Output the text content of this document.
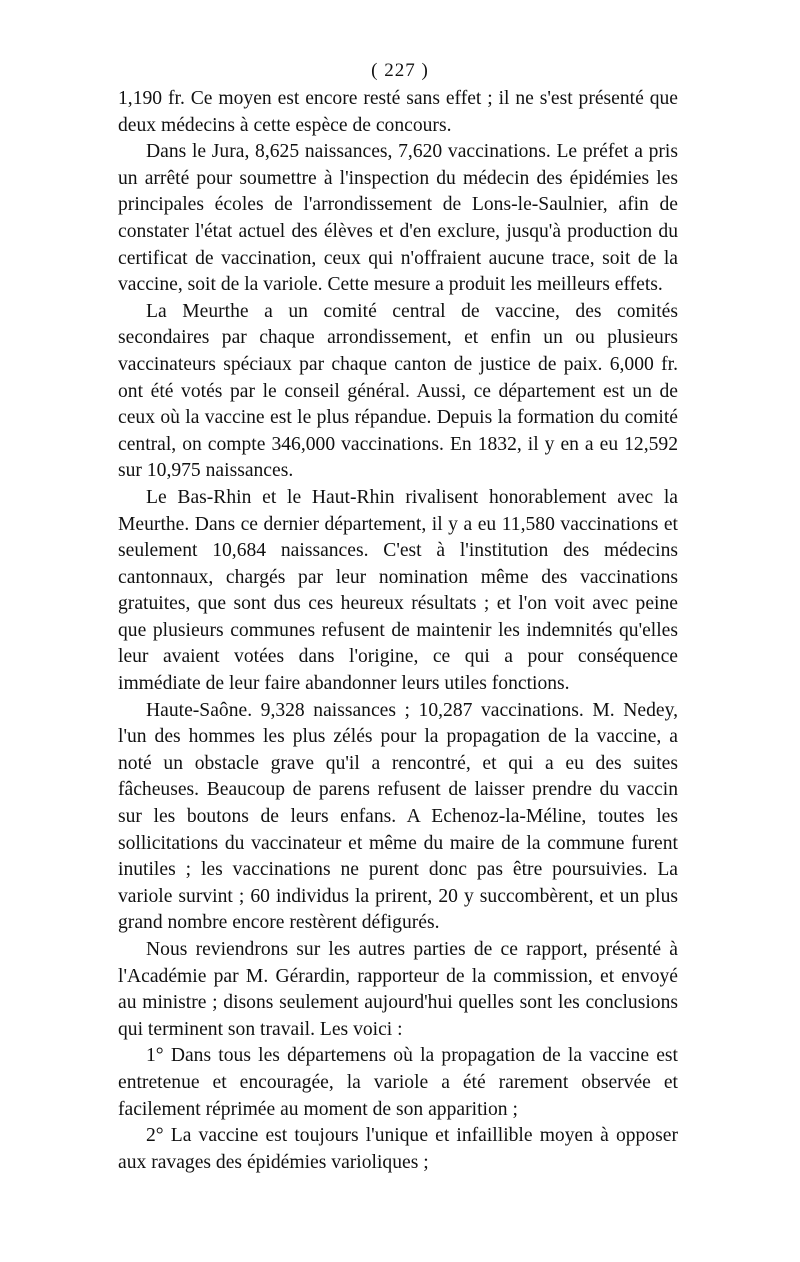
( 227 )

1,190 fr. Ce moyen est encore resté sans effet ; il ne s'est présenté que deux médecins à cette espèce de concours.

Dans le Jura, 8,625 naissances, 7,620 vaccinations. Le préfet a pris un arrêté pour soumettre à l'inspection du médecin des épidémies les principales écoles de l'arrondissement de Lons-le-Saulnier, afin de constater l'état actuel des élèves et d'en exclure, jusqu'à production du certificat de vaccination, ceux qui n'offraient aucune trace, soit de la vaccine, soit de la variole. Cette mesure a produit les meilleurs effets.

La Meurthe a un comité central de vaccine, des comités secondaires par chaque arrondissement, et enfin un ou plusieurs vaccinateurs spéciaux par chaque canton de justice de paix. 6,000 fr. ont été votés par le conseil général. Aussi, ce département est un de ceux où la vaccine est le plus répandue. Depuis la formation du comité central, on compte 346,000 vaccinations. En 1832, il y en a eu 12,592 sur 10,975 naissances.

Le Bas-Rhin et le Haut-Rhin rivalisent honorablement avec la Meurthe. Dans ce dernier département, il y a eu 11,580 vaccinations et seulement 10,684 naissances. C'est à l'institution des médecins cantonnaux, chargés par leur nomination même des vaccinations gratuites, que sont dus ces heureux résultats ; et l'on voit avec peine que plusieurs communes refusent de maintenir les indemnités qu'elles leur avaient votées dans l'origine, ce qui a pour conséquence immédiate de leur faire abandonner leurs utiles fonctions.

Haute-Saône. 9,328 naissances ; 10,287 vaccinations. M. Nedey, l'un des hommes les plus zélés pour la propagation de la vaccine, a noté un obstacle grave qu'il a rencontré, et qui a eu des suites fâcheuses. Beaucoup de parens refusent de laisser prendre du vaccin sur les boutons de leurs enfans. A Echenoz-la-Méline, toutes les sollicitations du vaccinateur et même du maire de la commune furent inutiles ; les vaccinations ne purent donc pas être poursuivies. La variole survint ; 60 individus la prirent, 20 y succombèrent, et un plus grand nombre encore restèrent défigurés.

Nous reviendrons sur les autres parties de ce rapport, présenté à l'Académie par M. Gérardin, rapporteur de la commission, et envoyé au ministre ; disons seulement aujourd'hui quelles sont les conclusions qui terminent son travail. Les voici :

1° Dans tous les départemens où la propagation de la vaccine est entretenue et encouragée, la variole a été rarement observée et facilement réprimée au moment de son apparition ;

2° La vaccine est toujours l'unique et infaillible moyen à opposer aux ravages des épidémies varioliques ;
